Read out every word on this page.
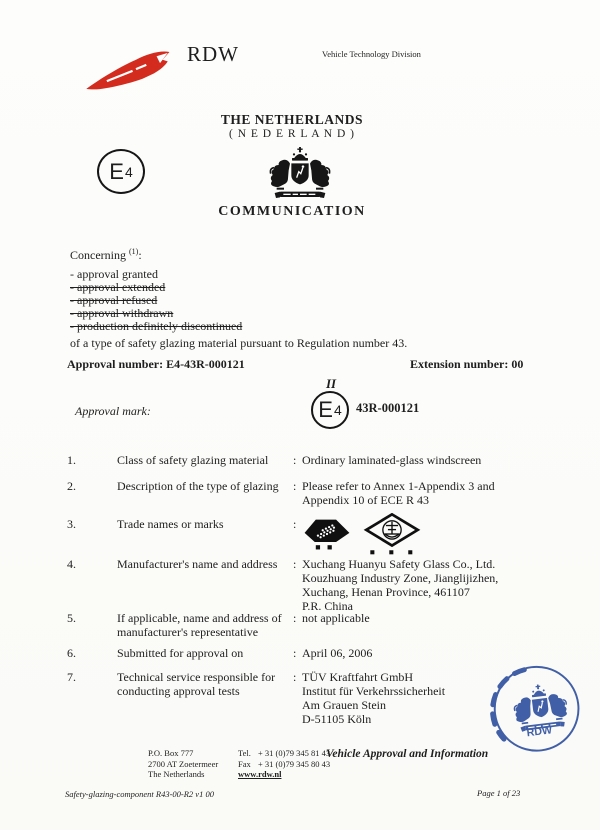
RDW	Vehicle Technology Division
THE NETHERLANDS
( N E D E R L A N D )
E 4
COMMUNICATION
Concerning $^{(1)}$:
- approval granted
- approval extended
- approval refused
- approval withdrawn
- production definitely discontinued
of a type of safety glazing material pursuant to Regulation number 43.
Approval number: E4-43R-000121	Extension number: 00
Approval mark:
II
E 4 43R-000121
1.	Class of safety glazing material	: Ordinary laminated-glass windscreen
2.	Description of the type of glazing	: Please refer to Annex 1-Appendix 3 and
Appendix 10 of ECE R 43
3.	Trade names or marks	:
4.	Manufacturer's name and address	: Xuchang Huanyu Safety Glass Co., Ltd.
Kouzhuang Industry Zone, Jianglijizhen,
Xuchang, Henan Province, 461107
P.R. China
5.	If applicable, name and address of
manufacturer's representative
: not applicable
6.	Submitted for approval on	: April 06, 2006
7.	Technical service responsible for
conducting approval tests
: TÜV Kraftfahrt GmbH
Institut für Verkehrssicherheit
Am Grauen Stein
D-51105 Köln
RDW
P.O. Box 777
2700 AT Zoetermeer
The Netherlands
Tel. + 31 (0)79 345 81 43
Fax + 31 (0)79 345 80 43
www.rdw.nl
Vehicle Approval and Information
Safety-glazing-component R43-00-R2 v1 00	Page 1 of 23
